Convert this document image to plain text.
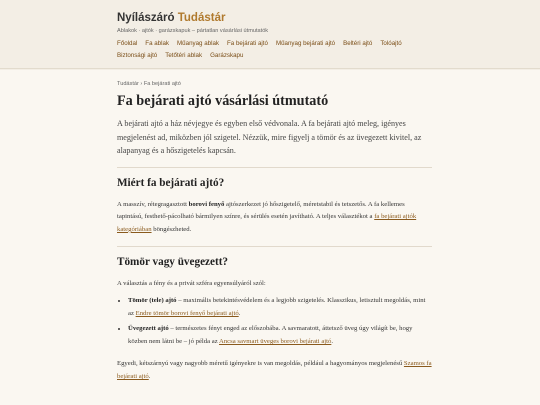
Nyílászáró Tudástár
Ablakok · ajtók · garázskapuk – pártatlan vásárlási útmutatók
Főoldal Fa ablak Műanyag ablak Fa bejárati ajtó Műanyag bejárati ajtó Beltéri ajtó Tolóajtó
Biztonsági ajtó Tetőtéri ablak Garázskapu
Tudástár › Fa bejárati ajtó
Fa bejárati ajtó vásárlási útmutató

A bejárati ajtó a ház névjegye és egyben első védvonala. A fa bejárati ajtó meleg, igényes megjelenést ad, miközben jól szigetel. Nézzük, mire figyelj a tömör és az üvegezett kivitel, az alapanyag és a hőszigetelés kapcsán.

Miért fa bejárati ajtó?

A masszív, rétegragasztott borovi fenyő ajtószerkezet jó hőszigetelő, méretstabil és tetszetős. A fa kellemes tapintású, festhető-pácolható bármilyen színre, és sérülés esetén javítható. A teljes választékot a fa bejárati ajtók kategóriában böngészheted.

Tömör vagy üvegezett?

A választás a fény és a privát szféra egyensúlyáról szól:

• Tömör (tele) ajtó – maximális betekintésvédelem és a legjobb szigetelés. Klasszikus, letisztult megoldás, mint az Endre tömör borovi fenyő bejárati ajtó.
• Üvegezett ajtó – természetes fényt enged az előszobába. A savmaratott, áttetsző üveg úgy világít be, hogy közben nem látni be – jó példa az Ancsa savmart üveges borovi bejárati ajtó.

Egyedi, kétszárnyú vagy nagyobb méretű igényekre is van megoldás, például a hagyományos megjelenésű Szamos fa bejárati ajtó.
